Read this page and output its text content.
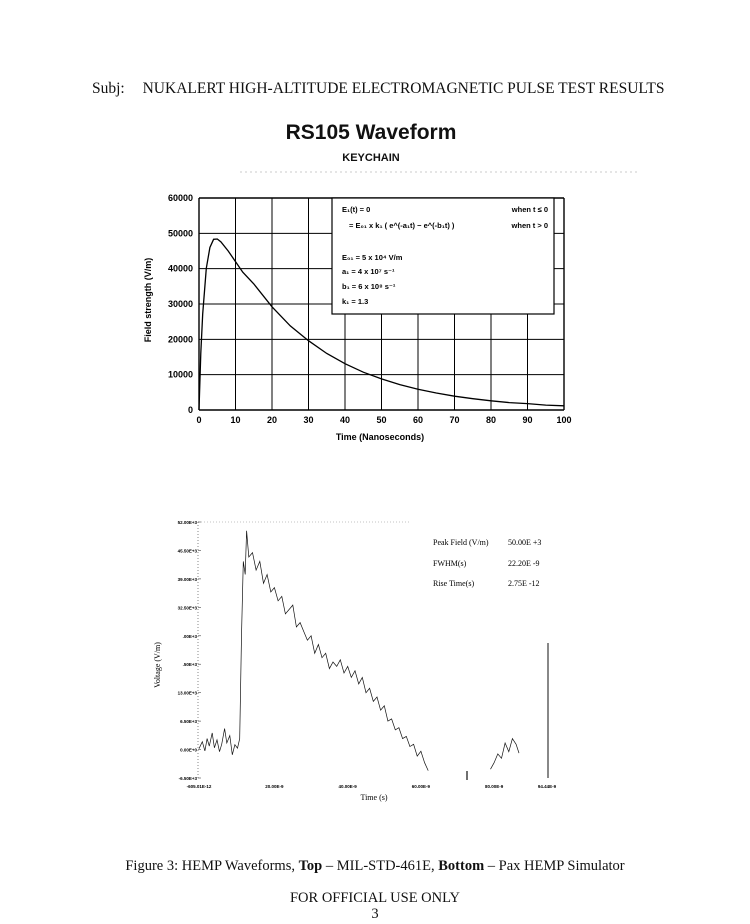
Subj: NUKALERT HIGH-ALTITUDE ELECTROMAGNETIC PULSE TEST RESULTS
RS105 Waveform
KEYCHAIN
0	10	20	30	40	50	60	70	80	90	100
0
10000
20000
30000
40000
50000
60000
Time (Nanoseconds)
Field strength (V/m)
E₁(t) = 0	when t ≤ 0
= E₀₁ x k₁ ( e^(-a₁t) − e^(-b₁t) )	when t > 0
E₀₁ = 5 x 10⁴ V/m
a₁ = 4 x 10⁷ s⁻¹
b₁ = 6 x 10⁸ s⁻¹
k₁ = 1.3
52.00E+3
45.50E+3
39.00E+3
32.50E+3
.00E+3
.50E+3
13.00E+3
6.50E+3
0.00E+0
-6.50E+3
-605.01E-12	20.00E-9	40.00E-9	60.00E-9	80.00E-9	94.44E-9
Time (s)
Voltage (V/m)
Peak Field (V/m) 50.00E +3
FWHM(s)	22.20E -9
Rise Time(s)	2.75E -12
Figure 3: HEMP Waveforms, Top – MIL-STD-461E, Bottom – Pax HEMP Simulator
FOR OFFICIAL USE ONLY
3
